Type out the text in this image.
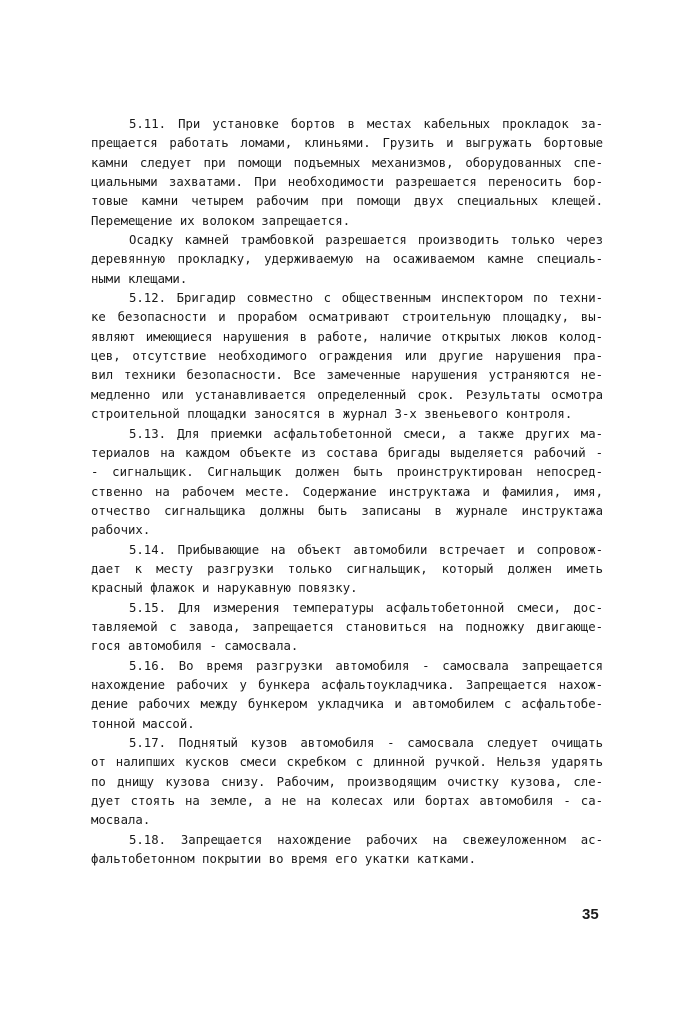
5.11. При установке бортов в местах кабельных прокладок за-
прещается работать ломами, клиньями. Грузить и выгружать бортовые
камни следует при помощи подъемных механизмов, оборудованных спе-
циальными захватами. При необходимости разрешается переносить бор-
товые камни четырем рабочим при помощи двух специальных клещей.
Перемещение их волоком запрещается.
Осадку камней трамбовкой разрешается производить только через
деревянную прокладку, удерживаемую на осаживаемом камне специаль-
ными клещами.
5.12. Бригадир совместно с общественным инспектором по техни-
ке безопасности и прорабом осматривают строительную площадку, вы-
являют имеющиеся нарушения в работе, наличие открытых люков колод-
цев, отсутствие необходимого ограждения или другие нарушения пра-
вил техники безопасности. Все замеченные нарушения устраняются не-
медленно или устанавливается определенный срок. Результаты осмотра
строительной площадки заносятся в журнал 3-х звеньевого контроля.
5.13. Для приемки асфальтобетонной смеси, а также других ма-
териалов на каждом объекте из состава бригады выделяется рабочий -
- сигнальщик. Сигнальщик должен быть проинструктирован непосред-
ственно на рабочем месте. Содержание инструктажа и фамилия, имя,
отчество сигнальщика должны быть записаны в журнале инструктажа
рабочих.
5.14. Прибывающие на объект автомобили встречает и сопровож-
дает к месту разгрузки только сигнальщик, который должен иметь
красный флажок и нарукавную повязку.
5.15. Для измерения температуры асфальтобетонной смеси, дос-
тавляемой с завода, запрещается становиться на подножку двигающе-
гося автомобиля - самосвала.
5.16. Во время разгрузки автомобиля - самосвала запрещается
нахождение рабочих у бункера асфальтоукладчика. Запрещается нахож-
дение рабочих между бункером укладчика и автомобилем с асфальтобе-
тонной массой.
5.17. Поднятый кузов автомобиля - самосвала следует очищать
от налипших кусков смеси скребком с длинной ручкой. Нельзя ударять
по днищу кузова снизу. Рабочим, производящим очистку кузова, сле-
дует стоять на земле, а не на колесах или бортах автомобиля - са-
мосвала.
5.18. Запрещается нахождение рабочих на свежеуложенном ас-
фальтобетонном покрытии во время его укатки катками.
35
